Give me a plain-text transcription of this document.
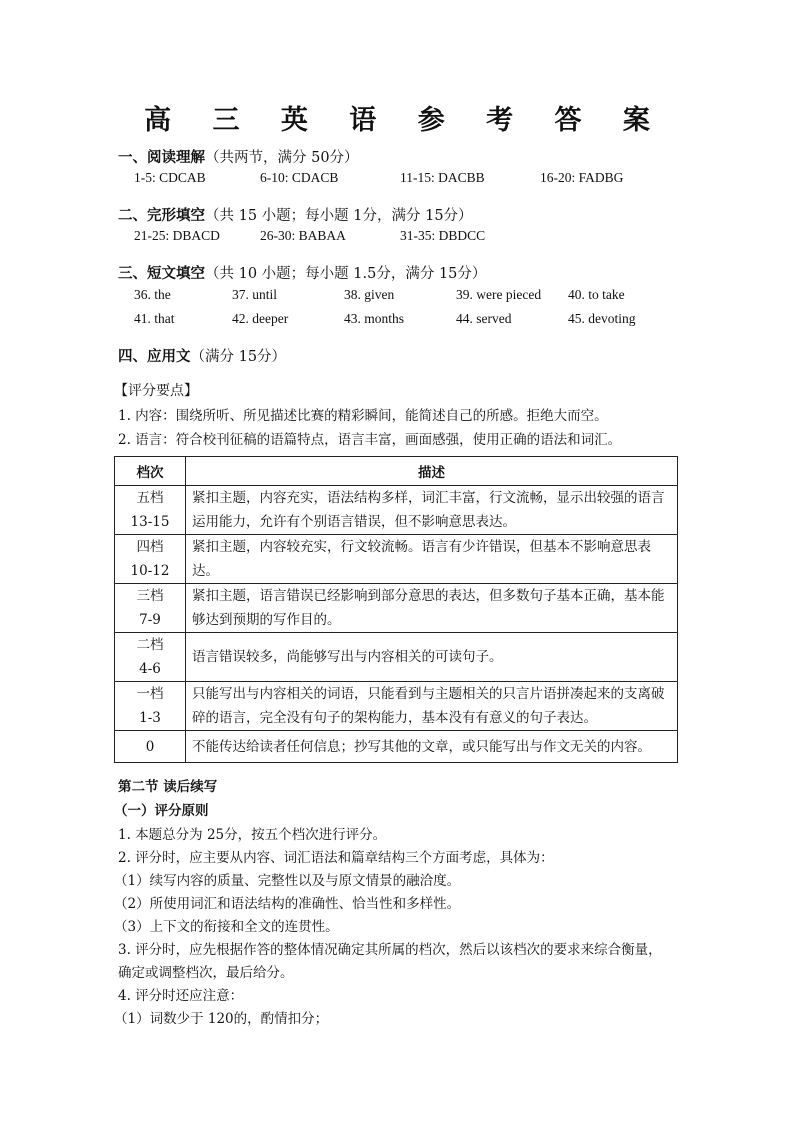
高 三 英 语 参 考 答 案
一、阅读理解（共两节，满分 50分）
1-5: CDCAB	6-10: CDACB	11-15: DACBB	16-20: FADBG
二、完形填空（共 15 小题；每小题 1分，满分 15分）
21-25: DBACD	26-30: BABAA	31-35: DBDCC
三、短文填空（共 10 小题；每小题 1.5分，满分 15分）
36. the	37. until	38. given	39. were pieced 40. to take
41. that	42. deeper	43. months	44. served	45. devoting
四、应用文（满分 15分）
【评分要点】
1. 内容：围绕所听、所见描述比赛的精彩瞬间，能简述自己的所感。拒绝大而空。
2. 语言：符合校刊征稿的语篇特点，语言丰富，画面感强，使用正确的语法和词汇。
档次	描述

五档
13-15	紧扣主题，内容充实，语法结构多样，词汇丰富，行文流畅，显示出较强的语言运用能力，允许有个别语言错误，但不影响意思表达。

四档
10-12	紧扣主题，内容较充实，行文较流畅。语言有少许错误，但基本不影响意思表达。

三档
7-9	紧扣主题，语言错误已经影响到部分意思的表达，但多数句子基本正确，基本能够达到预期的写作目的。

二档
4-6	语言错误较多，尚能够写出与内容相关的可读句子。

一档
1-3	只能写出与内容相关的词语，只能看到与主题相关的只言片语拼凑起来的支离破碎的语言，完全没有句子的架构能力，基本没有有意义的句子表达。

0	不能传达给读者任何信息；抄写其他的文章，或只能写出与作文无关的内容。
第二节 读后续写
（一）评分原则
1. 本题总分为 25分，按五个档次进行评分。
2. 评分时，应主要从内容、词汇语法和篇章结构三个方面考虑，具体为：
（1）续写内容的质量、完整性以及与原文情景的融洽度。
（2）所使用词汇和语法结构的准确性、恰当性和多样性。
（3）上下文的衔接和全文的连贯性。
3. 评分时，应先根据作答的整体情况确定其所属的档次，然后以该档次的要求来综合衡量，
确定或调整档次，最后给分。
4. 评分时还应注意：
（1）词数少于 120的，酌情扣分；
